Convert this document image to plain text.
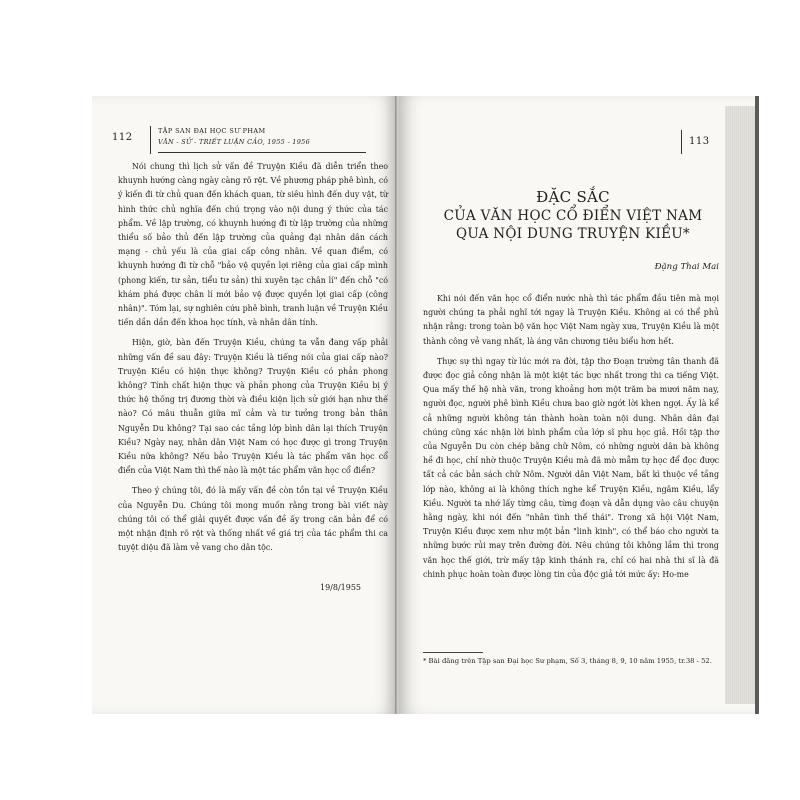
112
TẬP SAN ĐẠI HỌC SƯ PHẠM
VĂN - SỬ - TRIẾT LUẬN CẢO, 1955 - 1956

Nói chung thì lịch sử vấn đề Truyện Kiều đã diễn triển theo khuynh hướng càng ngày càng rõ rệt. Về phương pháp phê bình, có ý kiến đi từ chủ quan đến khách quan, từ siêu hình đến duy vật, từ hình thức chủ nghĩa đến chú trọng vào nội dung ý thức của tác phẩm. Về lập trường, có khuynh hướng đi từ lập trường của những thiểu số bảo thủ đến lập trường của quảng đại nhân dân cách mạng - chủ yếu là của giai cấp công nhân. Về quan điểm, có khuynh hướng đi từ chỗ "bảo vệ quyền lợi riêng của giai cấp mình (phong kiến, tư sản, tiểu tư sản) thì xuyên tạc chân lí" đến chỗ "có khám phá được chân lí mới bảo vệ được quyền lợi giai cấp (công nhân)". Tóm lại, sự nghiên cứu phê bình, tranh luận về Truyện Kiều tiến dần dần đến khoa học tính, và nhân dân tính.

Hiện, giờ, bàn đến Truyện Kiều, chúng ta vẫn đang vấp phải những vấn đề sau đây: Truyện Kiều là tiếng nói của giai cấp nào? Truyện Kiều có hiện thực không? Truyện Kiều có phản phong không? Tính chất hiện thực và phản phong của Truyện Kiều bị ý thức hệ thống trị đương thời và điều kiện lịch sử giới hạn như thế nào? Có mâu thuẫn giữa mĩ cảm và tư tưởng trong bản thân Nguyễn Du không? Tại sao các tầng lớp bình dân lại thích Truyện Kiều? Ngày nay, nhân dân Việt Nam có học được gì trong Truyện Kiều nữa không? Nếu bảo Truyện Kiều là tác phẩm văn học cổ điển của Việt Nam thì thế nào là một tác phẩm văn học cổ điển?

Theo ý chúng tôi, đó là mấy vấn đề còn tồn tại về Truyện Kiều của Nguyễn Du. Chúng tôi mong muốn rằng trong bài viết này chúng tôi có thể giải quyết được vấn đề ấy trong căn bản để có một nhận định rõ rệt và thống nhất về giá trị của tác phẩm thi ca tuyệt diệu đã làm vẻ vang cho dân tộc.

19/8/1955
113
ĐẶC SẮC
CỦA VĂN HỌC CỔ ĐIỂN VIỆT NAM
QUA NỘI DUNG TRUYỆN KIỀU*
Đặng Thai Mai

Khi nói đến văn học cổ điển nước nhà thì tác phẩm đầu tiên mà mọi người chúng ta phải nghĩ tới ngay là Truyện Kiều. Không ai có thể phủ nhận rằng: trong toàn bộ văn học Việt Nam ngày xưa, Truyện Kiều là một thành công vẻ vang nhất, là áng văn chương tiêu biểu hơn hết.

Thực sự thì ngay từ lúc mới ra đời, tập thơ Đoạn trường tân thanh đã được đọc giả công nhận là một kiệt tác bực nhất trong thi ca tiếng Việt. Qua mấy thế hệ nhà văn, trong khoảng hơn một trăm ba mươi năm nay, người đọc, người phê bình Kiều chưa bao giờ ngớt lời khen ngợi. Ấy là kể cả những người không tán thành hoàn toàn nội dung. Nhân dân đại chúng cũng xác nhận lời bình phẩm của lớp sĩ phu học giả. Hồi tập thơ của Nguyễn Du còn chép bằng chữ Nôm, có những người dân bà không hề đi học, chỉ nhờ thuộc Truyện Kiều mà đã mò mẫm tự học để đọc được tất cả các bản sách chữ Nôm. Người dân Việt Nam, bất kì thuộc về tầng lớp nào, không ai là không thích nghe kể Truyện Kiều, ngâm Kiều, lẩy Kiều. Người ta nhớ lấy từng câu, từng đoạn và dẫn dụng vào câu chuyện hằng ngày, khi nói đến "nhân tình thế thái". Trong xã hội Việt Nam, Truyện Kiều được xem như một bản "linh kinh", có thể báo cho người ta những bước rủi may trên đường đời. Nêu chúng tôi không lầm thì trong văn học thế giới, trừ mấy tập kinh thánh ra, chỉ có hai nhà thi sĩ là đã chinh phục hoàn toàn được lòng tin của độc giả tới mức ấy: Ho-me

* Bài đăng trên Tập san Đại học Sư phạm, Số 3, tháng 8, 9, 10 năm 1955, tr.38 - 52.
